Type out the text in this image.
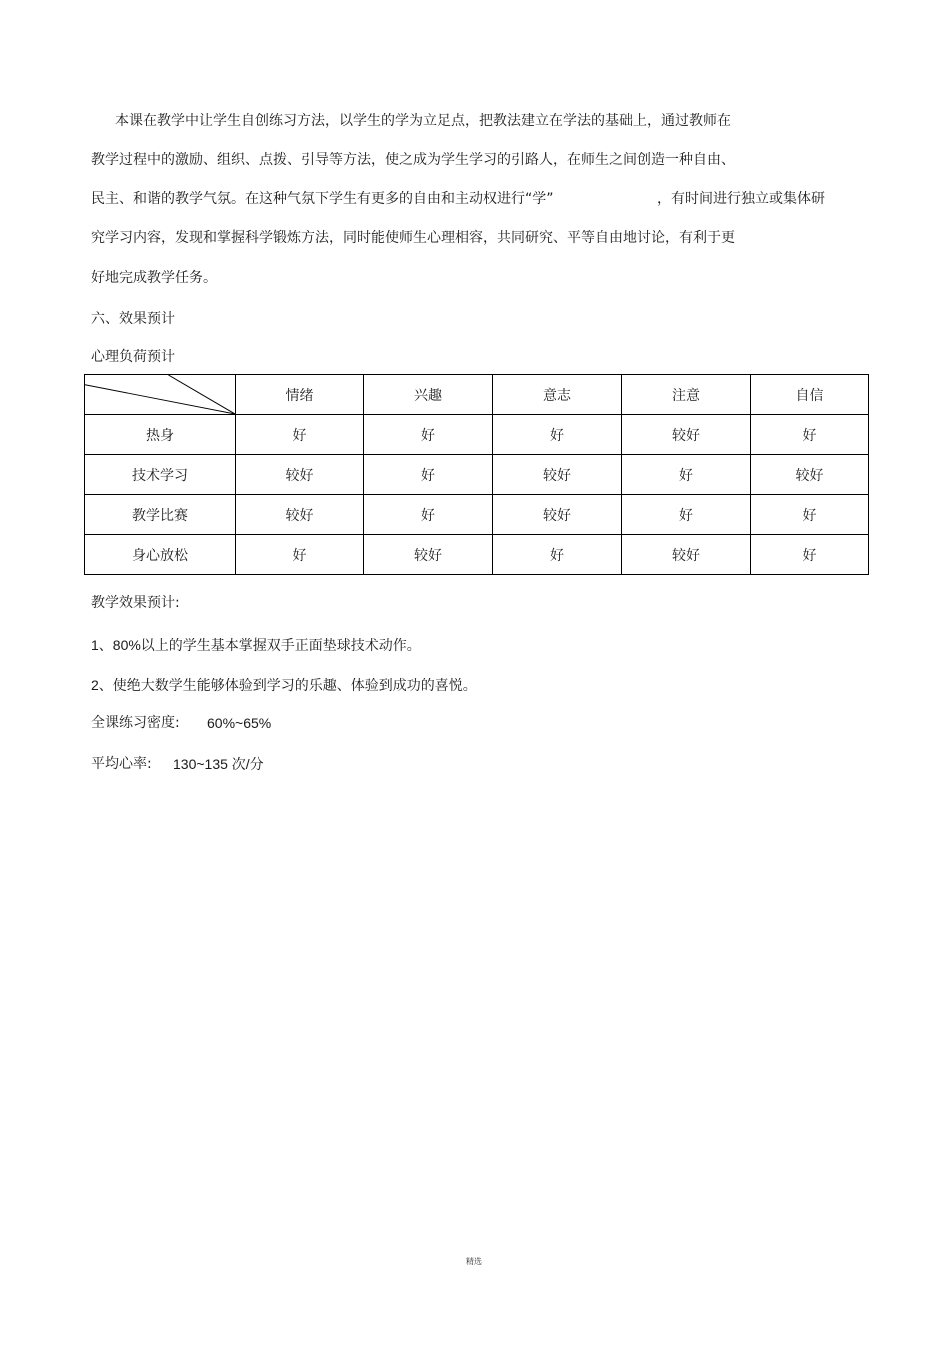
本课在教学中让学生自创练习方法，以学生的学为立足点，把教法建立在学法的基础上，通过教师在
教学过程中的激励、组织、点拨、引导等方法，使之成为学生学习的引路人，在师生之间创造一种自由、
民主、和谐的教学气氛。在这种气氛下学生有更多的自由和主动权进行“学”	，有时间进行独立或集体研
究学习内容，发现和掌握科学锻炼方法，同时能使师生心理相容，共同研究、平等自由地讨论，有利于更
好地完成教学任务。
六、效果预计
心理负荷预计
	情绪	兴趣	意志	注意	自信
热身	好	好	好	较好	好
技术学习	较好	好	较好	好	较好
教学比赛	较好	好	较好	好	好
身心放松	好	较好	好	较好	好
教学效果预计:
1、80%以上的学生基本掌握双手正面垫球技术动作。
2、使绝大数学生能够体验到学习的乐趣、体验到成功的喜悦。
全课练习密度: 60%~65%
平均心率: 130~135 次/分
精选
